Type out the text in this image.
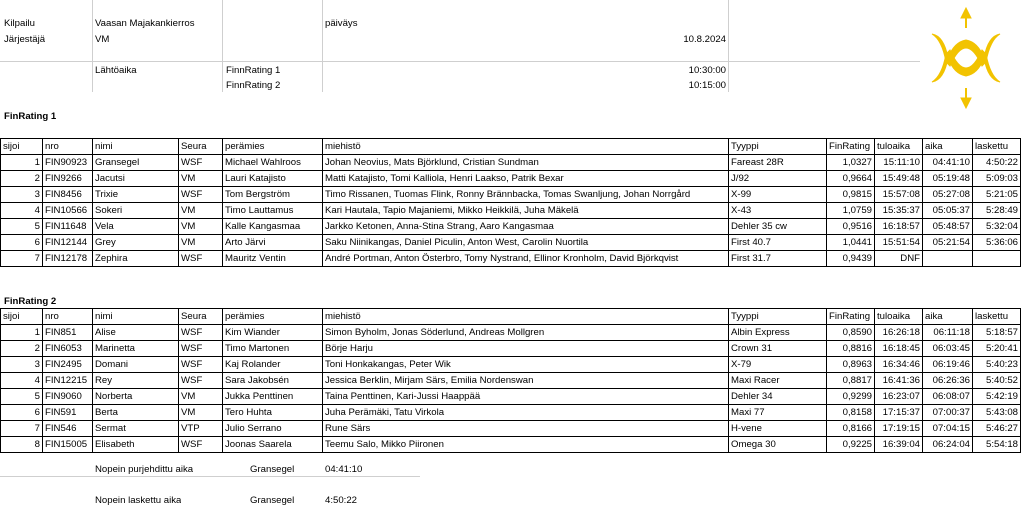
Kilpailu	Vaasan Majakankierros	päiväys
Järjestäjä	VM	10.8.2024
Lähtöaika	FinnRating 1	10:30:00
FinnRating 2	10:15:00
FinRating 1
sijoi	nro	nimi	Seura	perämies	miehistö	Tyyppi	FinRating	tuloaika	aika	laskettu
1	FIN90923	Gransegel	WSF	Michael Wahlroos	Johan Neovius, Mats Björklund, Cristian Sundman	Fareast 28R	1,0327	15:11:10	04:41:10	4:50:22
2	FIN9266	Jacutsi	VM	Lauri Katajisto	Matti Katajisto, Tomi Kalliola, Henri Laakso, Patrik Bexar	J/92	0,9664	15:49:48	05:19:48	5:09:03
3	FIN8456	Trixie	WSF	Tom Bergström	Timo Rissanen, Tuomas Flink, Ronny Brännbacka, Tomas Swanljung, Johan Norrgård	X-99	0,9815	15:57:08	05:27:08	5:21:05
4	FIN10566	Sokeri	VM	Timo Lauttamus	Kari Hautala, Tapio Majaniemi, Mikko Heikkilä, Juha Mäkelä	X-43	1,0759	15:35:37	05:05:37	5:28:49
5	FIN11648	Vela	VM	Kalle Kangasmaa	Jarkko Ketonen, Anna-Stina Strang, Aaro Kangasmaa	Dehler 35 cw	0,9516	16:18:57	05:48:57	5:32:04
6	FIN12144	Grey	VM	Arto Järvi	Saku Niinikangas, Daniel Piculin, Anton West, Carolin Nuortila	First 40.7	1,0441	15:51:54	05:21:54	5:36:06
7	FIN12178	Zephira	WSF	Mauritz Ventin	André Portman, Anton Österbro, Tomy Nystrand, Ellinor Kronholm, David Björkqvist	First 31.7	0,9439	DNF		
FinRating 2
sijoi	nro	nimi	Seura	perämies	miehistö	Tyyppi	FinRating	tuloaika	aika	laskettu
1	FIN851	Alise	WSF	Kim Wiander	Simon Byholm, Jonas Söderlund, Andreas Mollgren	Albin Express	0,8590	16:26:18	06:11:18	5:18:57
2	FIN6053	Marinetta	WSF	Timo Martonen	Börje Harju	Crown 31	0,8816	16:18:45	06:03:45	5:20:41
3	FIN2495	Domani	WSF	Kaj Rolander	Toni Honkakangas, Peter Wik	X-79	0,8963	16:34:46	06:19:46	5:40:23
4	FIN12215	Rey	WSF	Sara Jakobsén	Jessica Berklin, Mirjam Särs, Emilia Nordenswan	Maxi Racer	0,8817	16:41:36	06:26:36	5:40:52
5	FIN9060	Norberta	VM	Jukka Penttinen	Taina Penttinen, Kari-Jussi Haappää	Dehler 34	0,9299	16:23:07	06:08:07	5:42:19
6	FIN591	Berta	VM	Tero Huhta	Juha Perämäki, Tatu Virkola	Maxi 77	0,8158	17:15:37	07:00:37	5:43:08
7	FIN546	Sermat	VTP	Julio Serrano	Rune Särs	H-vene	0,8166	17:19:15	07:04:15	5:46:27
8	FIN15005	Elisabeth	WSF	Joonas Saarela	Teemu Salo, Mikko Piironen	Omega 30	0,9225	16:39:04	06:24:04	5:54:18
Nopein purjehdittu aika	Gransegel	04:41:10
Nopein laskettu aika	Gransegel	4:50:22
